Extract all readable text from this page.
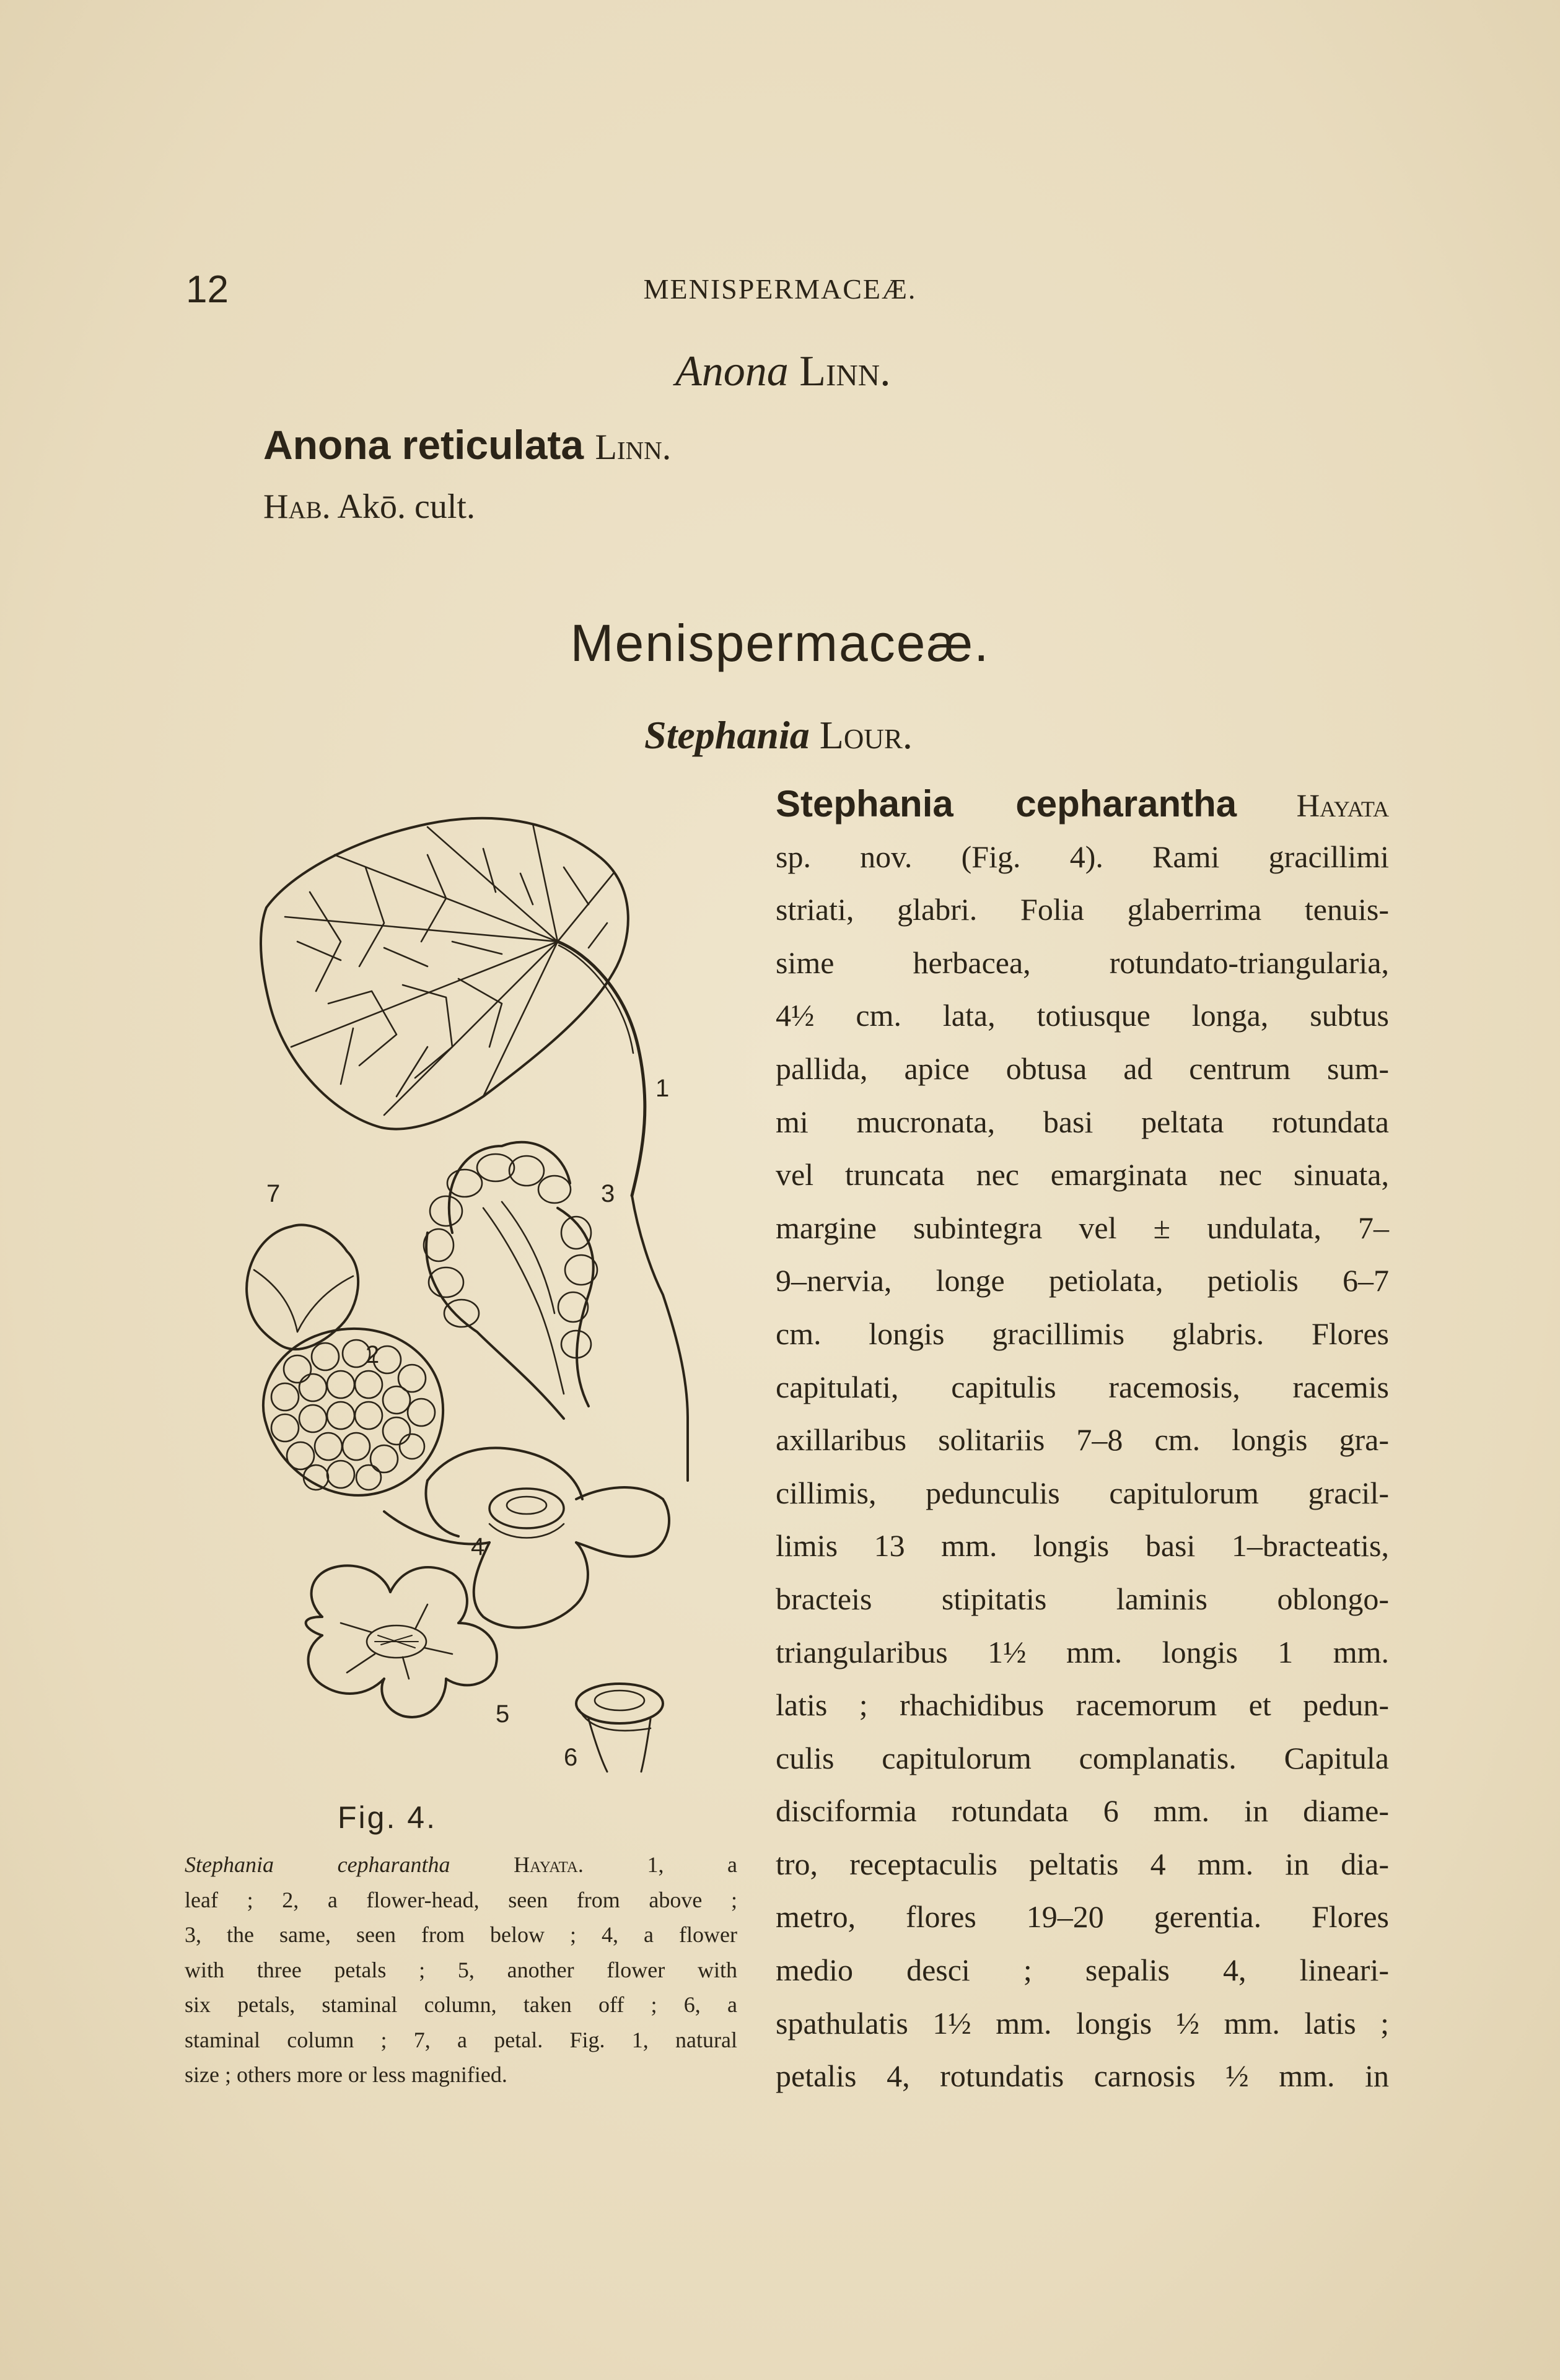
12	MENISPERMACEÆ.
Anona Linn.
Anona reticulata Linn.
Hab. Akō. cult.
Menispermaceæ.
Stephania Lour.
Stephania cepharantha Hayata
sp. nov. (Fig. 4). Rami gracillimi
striati, glabri. Folia glaberrima tenuis-
sime herbacea, rotundato-triangularia,
4½ cm. lata, totiusque longa, subtus
pallida, apice obtusa ad centrum sum-
mi mucronata, basi peltata rotundata
vel truncata nec emarginata nec sinuata,
margine subintegra vel ± undulata, 7–
9–nervia, longe petiolata, petiolis 6–7
cm. longis gracillimis glabris. Flores
capitulati, capitulis racemosis, racemis
axillaribus solitariis 7–8 cm. longis gra-
cillimis, pedunculis capitulorum gracil-
limis 13 mm. longis basi 1–bracteatis,
bracteis stipitatis laminis oblongo-
triangularibus 1½ mm. longis 1 mm.
latis ; rhachidibus racemorum et pedun-
culis capitulorum complanatis. Capitula
disciformia rotundata 6 mm. in diame-
tro, receptaculis peltatis 4 mm. in dia-
metro, flores 19–20 gerentia. Flores
medio desci ; sepalis 4, lineari-
spathulatis 1½ mm. longis ½ mm. latis ;
petalis 4, rotundatis carnosis ½ mm. in
1
2
3
4
5
6
7
Fig. 4.
Stephania cepharantha	Hayata.	1, a
leaf ; 2, a flower-head, seen from above ;
3, the same, seen from below ; 4, a flower
with three petals ; 5, another flower with
six petals, staminal column, taken off ; 6, a
staminal column ; 7, a petal. Fig. 1, natural
size ; others more or less magnified.
